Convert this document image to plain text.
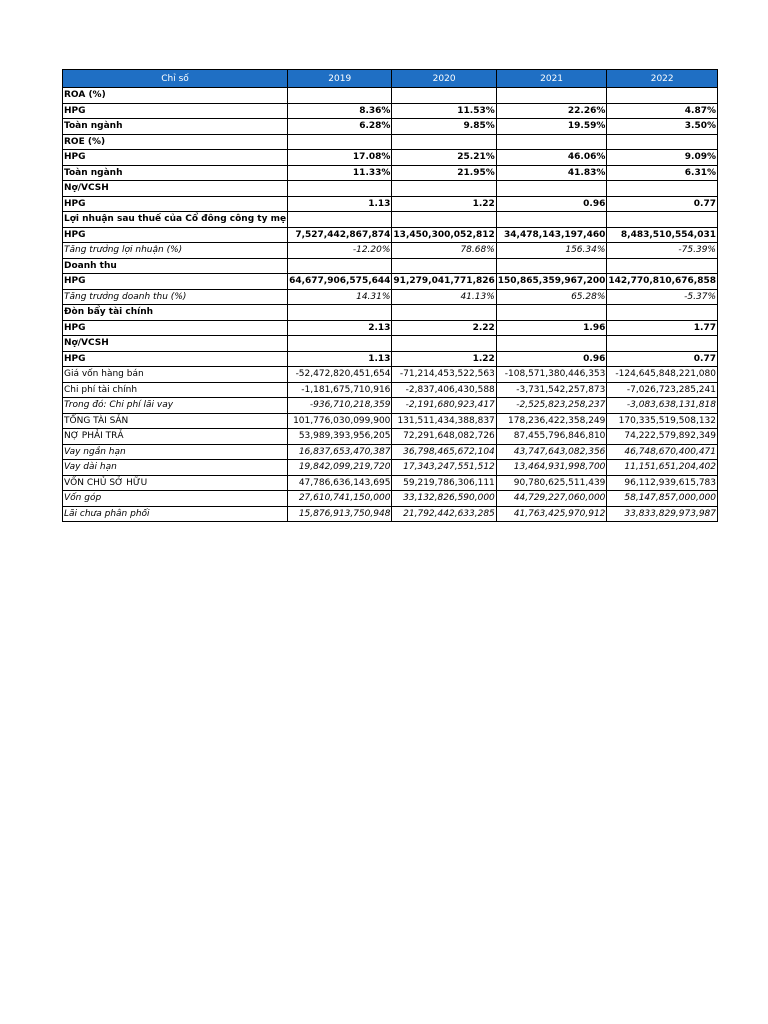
Chỉ số	2019	2020	2021	2022
ROA (%)				
HPG	8.36%	11.53%	22.26%	4.87%
Toàn ngành	6.28%	9.85%	19.59%	3.50%
ROE (%)				
HPG	17.08%	25.21%	46.06%	9.09%
Toàn ngành	11.33%	21.95%	41.83%	6.31%
Nợ/VCSH				
HPG	1.13	1.22	0.96	0.77
Lợi nhuận sau thuế của Cổ đông công ty mẹ				
HPG	7,527,442,867,874	13,450,300,052,812	34,478,143,197,460	8,483,510,554,031
Tăng trưởng lợi nhuận (%)	-12.20%	78.68%	156.34%	-75.39%
Doanh thu				
HPG	64,677,906,575,644	91,279,041,771,826	150,865,359,967,200	142,770,810,676,858
Tăng trưởng doanh thu (%)	14.31%	41.13%	65.28%	-5.37%
Đòn bẩy tài chính				
HPG	2.13	2.22	1.96	1.77
Nợ/VCSH				
HPG	1.13	1.22	0.96	0.77
Giá vốn hàng bán	-52,472,820,451,654	-71,214,453,522,563	-108,571,380,446,353	-124,645,848,221,080
Chi phí tài chính	-1,181,675,710,916	-2,837,406,430,588	-3,731,542,257,873	-7,026,723,285,241
Trong đó: Chi phí lãi vay	-936,710,218,359	-2,191,680,923,417	-2,525,823,258,237	-3,083,638,131,818
TỔNG TÀI SẢN	101,776,030,099,900	131,511,434,388,837	178,236,422,358,249	170,335,519,508,132
NỢ PHẢI TRẢ	53,989,393,956,205	72,291,648,082,726	87,455,796,846,810	74,222,579,892,349
Vay ngắn hạn	16,837,653,470,387	36,798,465,672,104	43,747,643,082,356	46,748,670,400,471
Vay dài hạn	19,842,099,219,720	17,343,247,551,512	13,464,931,998,700	11,151,651,204,402
VỐN CHỦ SỞ HỮU	47,786,636,143,695	59,219,786,306,111	90,780,625,511,439	96,112,939,615,783
Vốn góp	27,610,741,150,000	33,132,826,590,000	44,729,227,060,000	58,147,857,000,000
Lãi chưa phân phối	15,876,913,750,948	21,792,442,633,285	41,763,425,970,912	33,833,829,973,987
